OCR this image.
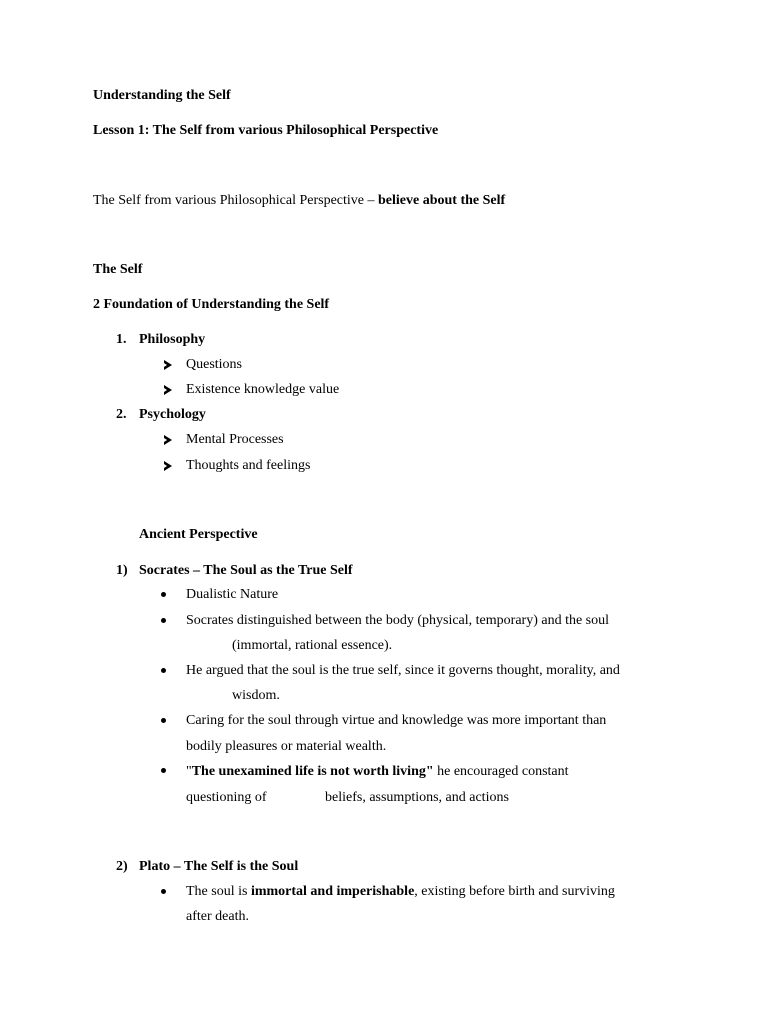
Understanding the Self
Lesson 1: The Self from various Philosophical Perspective
The Self from various Philosophical Perspective – believe about the Self
The Self
2 Foundation of Understanding the Self
1. Philosophy
Questions
Existence knowledge value
2. Psychology
Mental Processes
Thoughts and feelings
Ancient Perspective
1) Socrates – The Soul as the True Self
Dualistic Nature
Socrates distinguished between the body (physical, temporary) and the soul
(immortal, rational essence).
He argued that the soul is the true self, since it governs thought, morality, and
wisdom.
Caring for the soul through virtue and knowledge was more important than
bodily pleasures or material wealth.
"The unexamined life is not worth living" he encouraged constant
questioning of	beliefs, assumptions, and actions
2) Plato – The Self is the Soul
The soul is immortal and imperishable, existing before birth and surviving
after death.
